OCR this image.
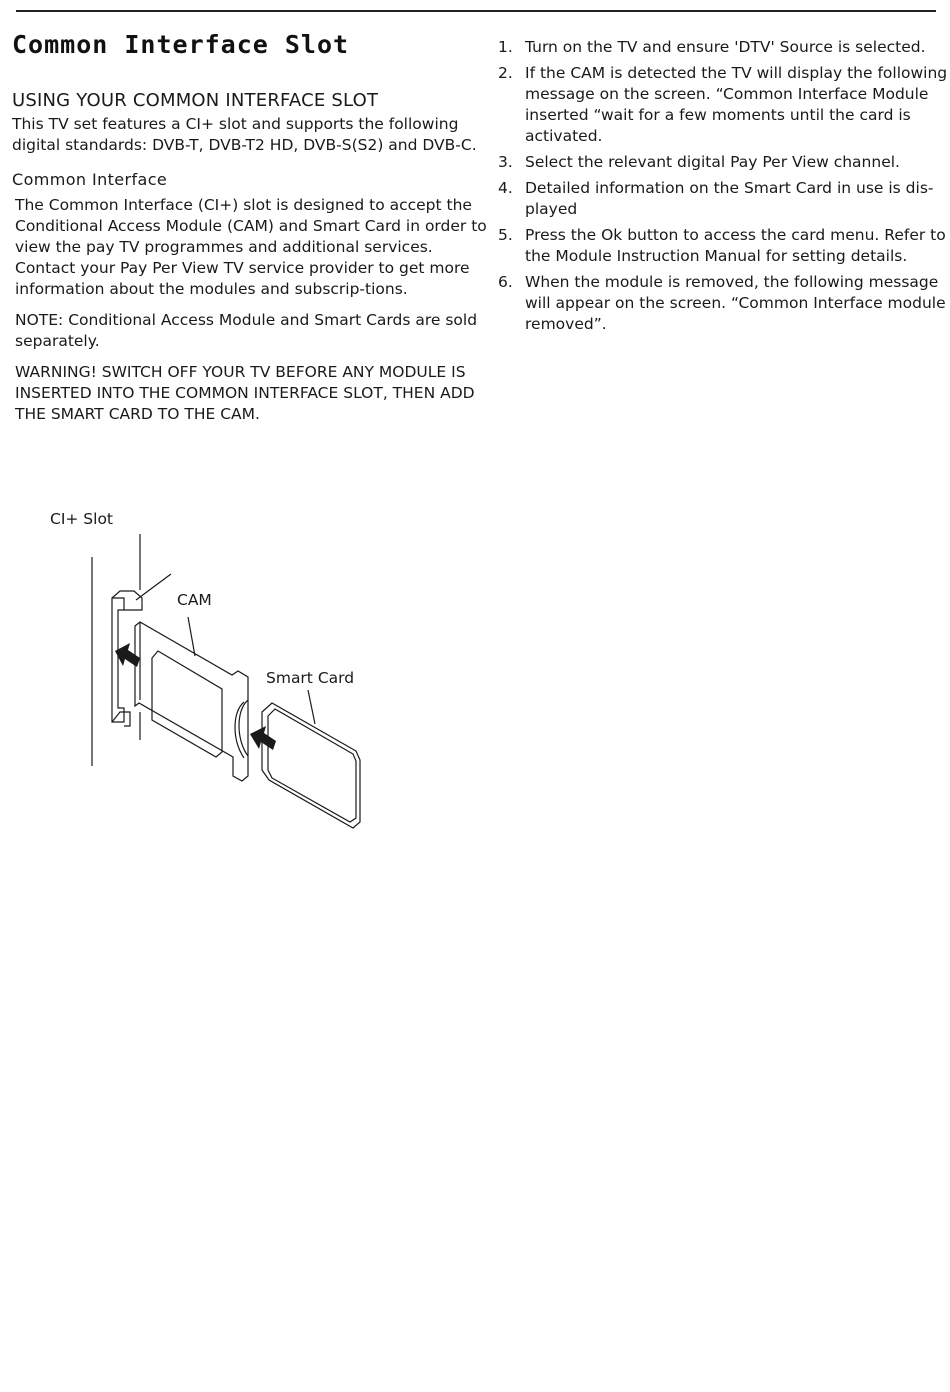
Common Interface Slot
USING YOUR COMMON INTERFACE SLOT

This TV set features a CI+ slot and supports the following digital standards: DVB-T, DVB-T2 HD, DVB-S(S2) and DVB-C.

Common Interface

The Common Interface (CI+) slot is designed to accept the Conditional Access Module (CAM) and Smart Card in order to view the pay TV programmes and additional services. Contact your Pay Per View TV service provider to get more information about the modules and subscrip-tions.

NOTE: Conditional Access Module and Smart Cards are sold separately.

WARNING! SWITCH OFF YOUR TV BEFORE ANY MODULE IS INSERTED INTO THE COMMON INTERFACE SLOT, THEN ADD THE SMART CARD TO THE CAM.

1. Turn on the TV and ensure 'DTV' Source is selected.
2. If the CAM is detected the TV will display the following message on the screen. “Common Interface Module inserted “wait for a few moments until the card is activated.
3. Select the relevant digital Pay Per View channel.
4. Detailed information on the Smart Card in use is dis-played
5. Press the Ok button to access the card menu. Refer to the Module Instruction Manual for setting details.
6. When the module is removed, the following message will appear on the screen. “Common Interface module removed”.
CI+ Slot
CAM
Smart Card
